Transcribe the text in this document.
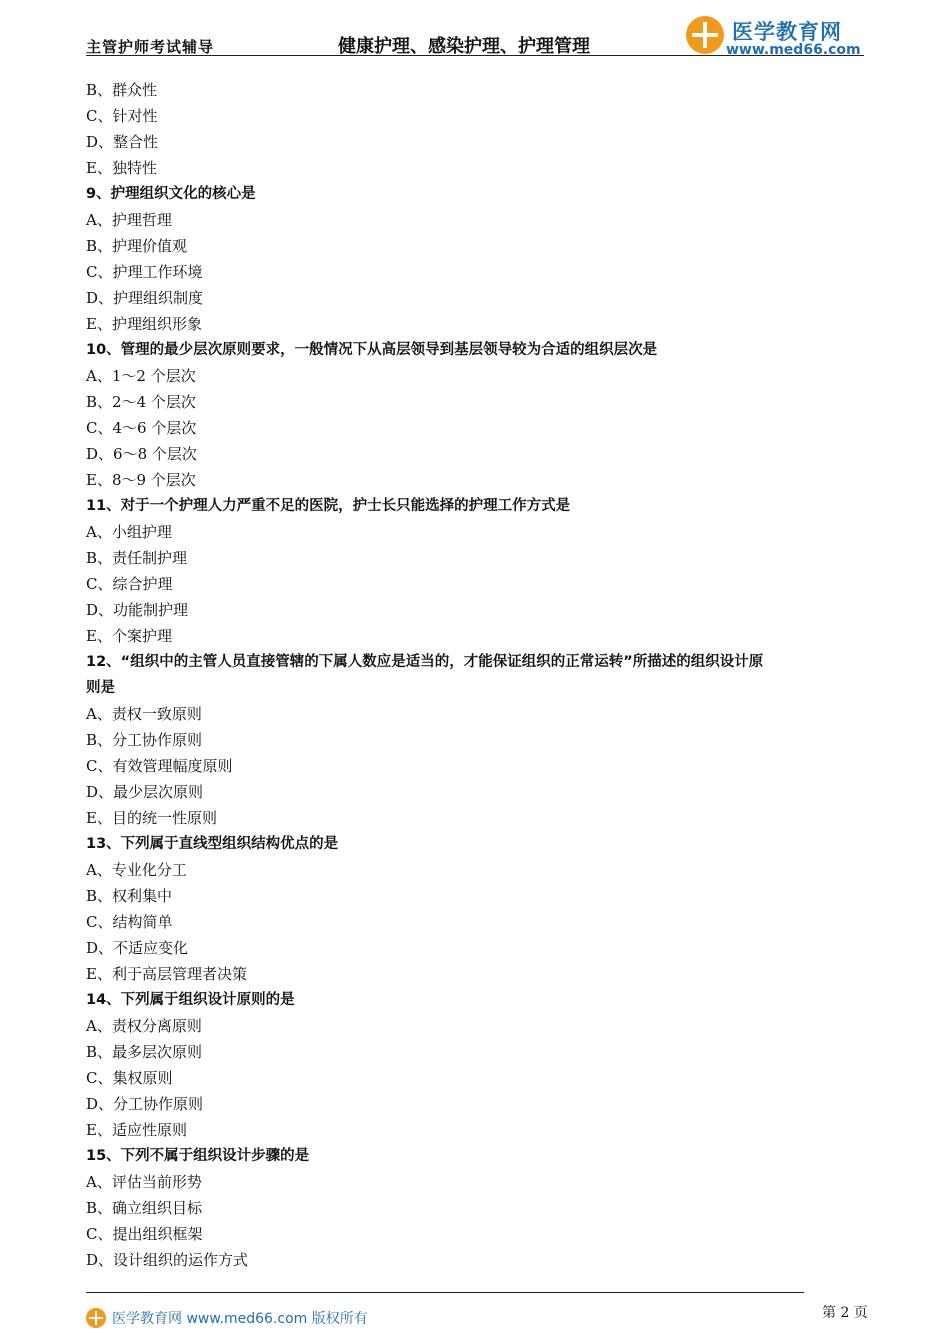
主管护师考试辅导	健康护理、感染护理、护理管理
医学教育网
www.med66.com
B、群众性
C、针对性
D、整合性
E、独特性
9、护理组织文化的核心是
A、护理哲理
B、护理价值观
C、护理工作环境
D、护理组织制度
E、护理组织形象
10、管理的最少层次原则要求，一般情况下从高层领导到基层领导较为合适的组织层次是
A、1～2 个层次
B、2～4 个层次
C、4～6 个层次
D、6～8 个层次
E、8～9 个层次
11、对于一个护理人力严重不足的医院，护士长只能选择的护理工作方式是
A、小组护理
B、责任制护理
C、综合护理
D、功能制护理
E、个案护理
12、“组织中的主管人员直接管辖的下属人数应是适当的，才能保证组织的正常运转”所描述的组织设计原
则是
A、责权一致原则
B、分工协作原则
C、有效管理幅度原则
D、最少层次原则
E、目的统一性原则
13、下列属于直线型组织结构优点的是
A、专业化分工
B、权利集中
C、结构简单
D、不适应变化
E、利于高层管理者决策
14、下列属于组织设计原则的是
A、责权分离原则
B、最多层次原则
C、集权原则
D、分工协作原则
E、适应性原则
15、下列不属于组织设计步骤的是
A、评估当前形势
B、确立组织目标
C、提出组织框架
D、设计组织的运作方式
医学教育网 www.med66.com 版权所有	第 2 页
